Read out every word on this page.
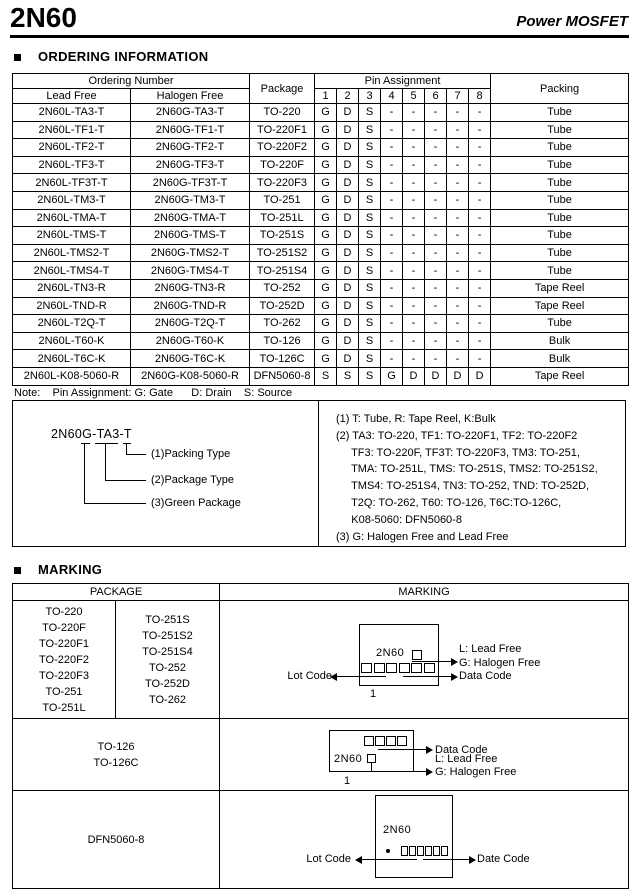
2N60	Power MOSFET
ORDERING INFORMATION
Ordering Number		Package	Pin Assignment								Packing
Lead Free	Halogen Free		1	2	3	4	5	6	7	8	
2N60L-TA3-T	2N60G-TA3-T	TO-220	G	D	S	-	-	-	-	-	Tube
2N60L-TF1-T	2N60G-TF1-T	TO-220F1	G	D	S	-	-	-	-	-	Tube
2N60L-TF2-T	2N60G-TF2-T	TO-220F2	G	D	S	-	-	-	-	-	Tube
2N60L-TF3-T	2N60G-TF3-T	TO-220F	G	D	S	-	-	-	-	-	Tube
2N60L-TF3T-T	2N60G-TF3T-T	TO-220F3	G	D	S	-	-	-	-	-	Tube
2N60L-TM3-T	2N60G-TM3-T	TO-251	G	D	S	-	-	-	-	-	Tube
2N60L-TMA-T	2N60G-TMA-T	TO-251L	G	D	S	-	-	-	-	-	Tube
2N60L-TMS-T	2N60G-TMS-T	TO-251S	G	D	S	-	-	-	-	-	Tube
2N60L-TMS2-T	2N60G-TMS2-T	TO-251S2	G	D	S	-	-	-	-	-	Tube
2N60L-TMS4-T	2N60G-TMS4-T	TO-251S4	G	D	S	-	-	-	-	-	Tube
2N60L-TN3-R	2N60G-TN3-R	TO-252	G	D	S	-	-	-	-	-	Tape Reel
2N60L-TND-R	2N60G-TND-R	TO-252D	G	D	S	-	-	-	-	-	Tape Reel
2N60L-T2Q-T	2N60G-T2Q-T	TO-262	G	D	S	-	-	-	-	-	Tube
2N60L-T60-K	2N60G-T60-K	TO-126	G	D	S	-	-	-	-	-	Bulk
2N60L-T6C-K	2N60G-T6C-K	TO-126C	G	D	S	-	-	-	-	-	Bulk
2N60L-K08-5060-R	2N60G-K08-5060-R	DFN5060-8	S	S	S	G	D	D	D	D	Tape Reel
Note:    Pin Assignment: G: Gate      D: Drain    S: Source
2N60G-TA3-T
(1)Packing Type
(2)Package Type
(3)Green Package
(1) T: Tube, R: Tape Reel, K:Bulk
(2) TA3: TO-220, TF1: TO-220F1, TF2: TO-220F2
TF3: TO-220F, TF3T: TO-220F3, TM3: TO-251,
TMA: TO-251L, TMS: TO-251S, TMS2: TO-251S2,
TMS4: TO-251S4, TN3: TO-252, TND: TO-252D,
T2Q: TO-262, T60: TO-126, T6C:TO-126C,
K08-5060: DFN5060-8
(3) G: Halogen Free and Lead Free
MARKING
PACKAGE		MARKING

TO-220
TO-220F
TO-220F1
TO-220F2
TO-220F3
TO-251
TO-251L

TO-251S
TO-251S2
TO-251S4
TO-252
TO-252D
TO-262

2N60	L: Lead Free
G: Halogen Free
Lot Code	Data Code
1

TO-126
TO-126C

Data Code
2N60	L: Lead Free
G: Halogen Free
1

DFN5060-8		2N60
Lot Code Date Code
